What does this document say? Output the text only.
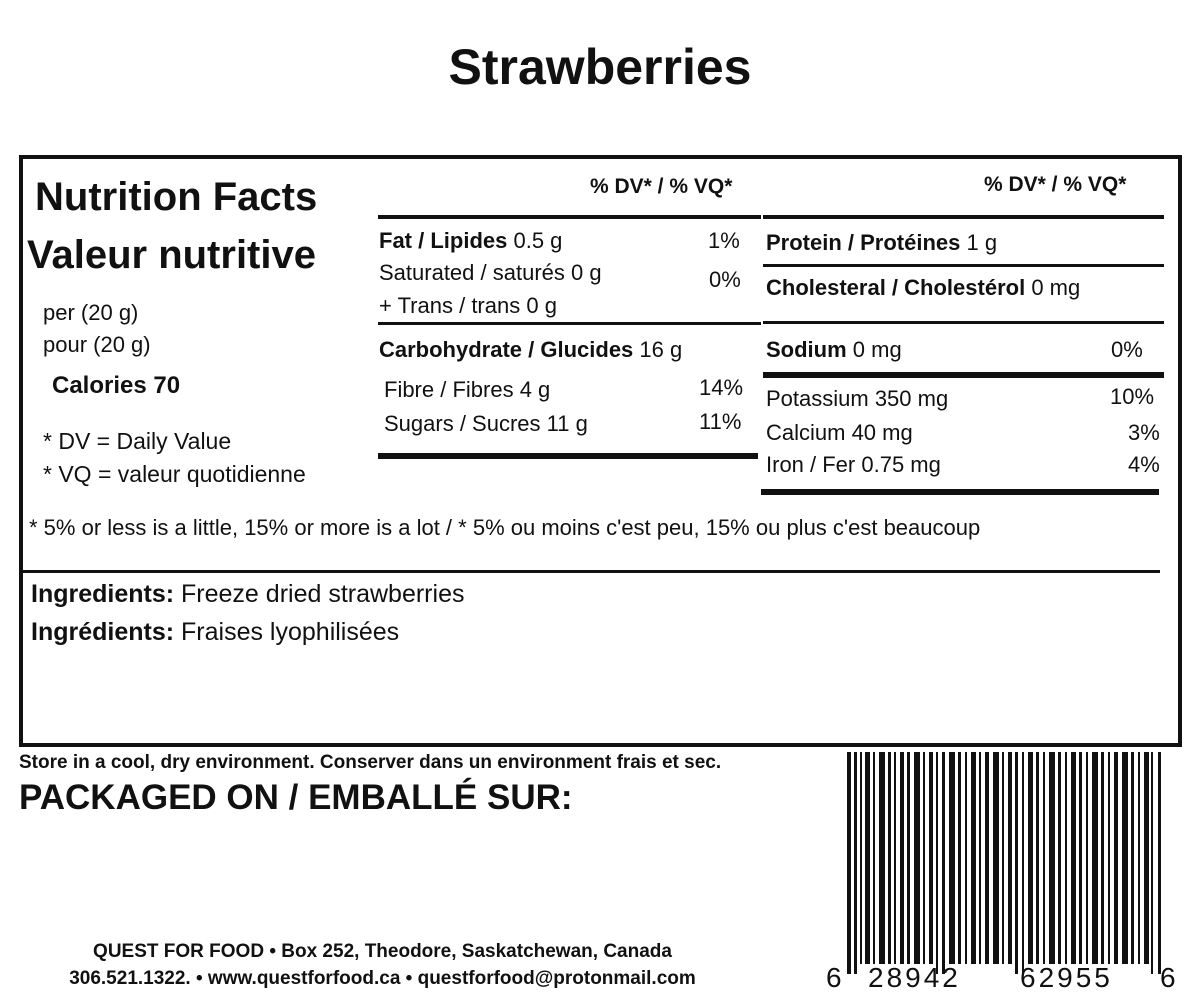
Strawberries
Nutrition Facts
Valeur nutritive
per (20 g)
pour (20 g)
Calories 70
* DV = Daily Value
* VQ = valeur quotidienne
% DV* / % VQ*
Fat / Lipides 0.5 g	1%
Saturated / saturés 0 g	0%
+ Trans / trans 0 g
Carbohydrate / Glucides 16 g
Fibre / Fibres 4 g	14%
Sugars / Sucres 11 g	11%
% DV* / % VQ*
Protein / Protéines 1 g
Cholesteral / Cholestérol 0 mg
Sodium 0 mg	0%
Potassium 350 mg	10%
Calcium 40 mg	3%
Iron / Fer 0.75 mg	4%
* 5% or less is a little, 15% or more is a lot / * 5% ou moins c'est peu, 15% ou plus c'est beaucoup
Ingredients: Freeze dried strawberries
Ingrédients: Fraises lyophilisées
Store in a cool, dry environment. Conserver dans un environment frais et sec.
PACKAGED ON / EMBALLÉ SUR:
QUEST FOR FOOD • Box 252, Theodore, Saskatchewan, Canada
306.521.1322. • www.questforfood.ca • questforfood@protonmail.com	6 28942 62955 6
